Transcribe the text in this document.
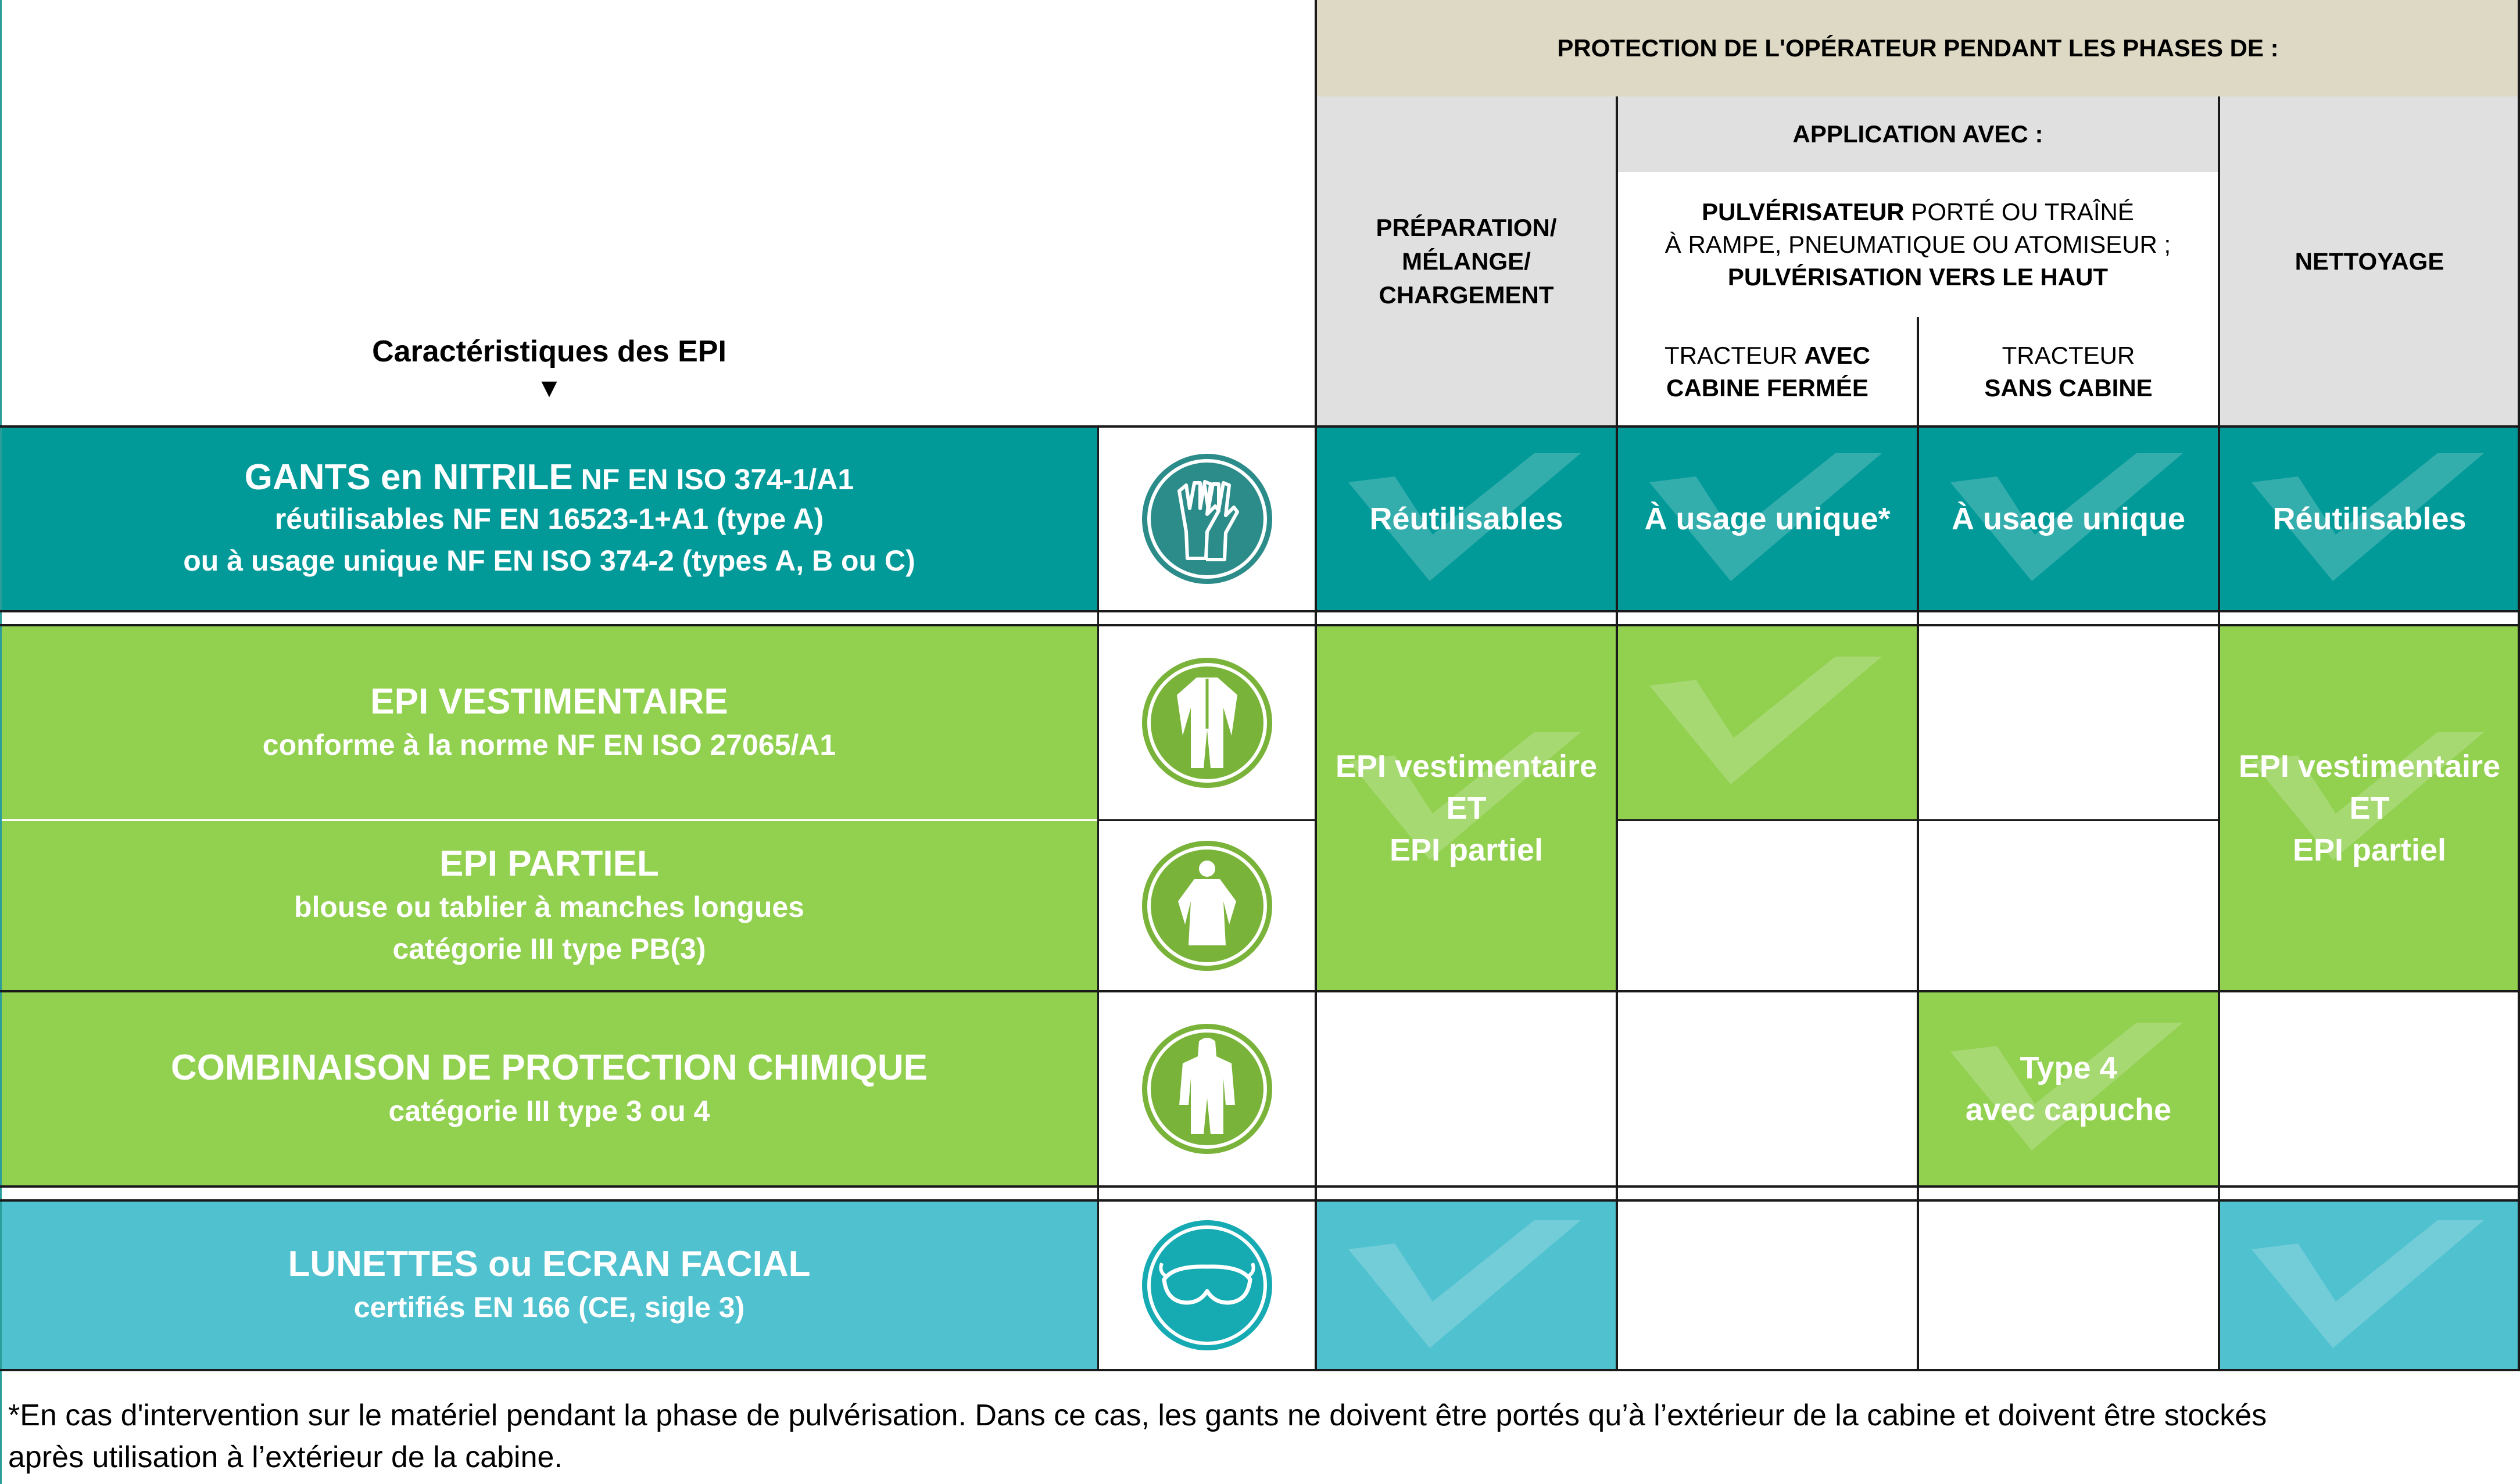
PROTECTION DE L'OPÉRATEUR PENDANT LES PHASES DE :
APPLICATION AVEC :
PRÉPARATION/
MÉLANGE/
CHARGEMENT
PULVÉRISATEUR PORTÉ OU TRAÎNÉ
À RAMPE, PNEUMATIQUE OU ATOMISEUR ;
PULVÉRISATION VERS LE HAUT
TRACTEUR AVEC
CABINE FERMÉE
TRACTEUR
SANS CABINE
NETTOYAGE
Caractéristiques des EPI
▼
GANTS en NITRILE NF EN ISO 374-1/A1
réutilisables NF EN 16523-1+A1 (type A)
ou à usage unique NF EN ISO 374-2 (types A, B ou C)
EPI VESTIMENTAIRE
conforme à la norme NF EN ISO 27065/A1
EPI PARTIEL
blouse ou tablier à manches longues
catégorie III type PB(3)
COMBINAISON DE PROTECTION CHIMIQUE
catégorie III type 3 ou 4
LUNETTES ou ECRAN FACIAL
certifiés EN 166 (CE, sigle 3)
Réutilisables	À usage unique* À usage unique	Réutilisables
EPI vestimentaire
ET
EPI partiel
EPI vestimentaire
ET
EPI partiel
Type 4
avec capuche
*En cas d'intervention sur le matériel pendant la phase de pulvérisation. Dans ce cas, les gants ne doivent être portés qu’à l’extérieur de la cabine et doivent être stockés
après utilisation à l’extérieur de la cabine.
